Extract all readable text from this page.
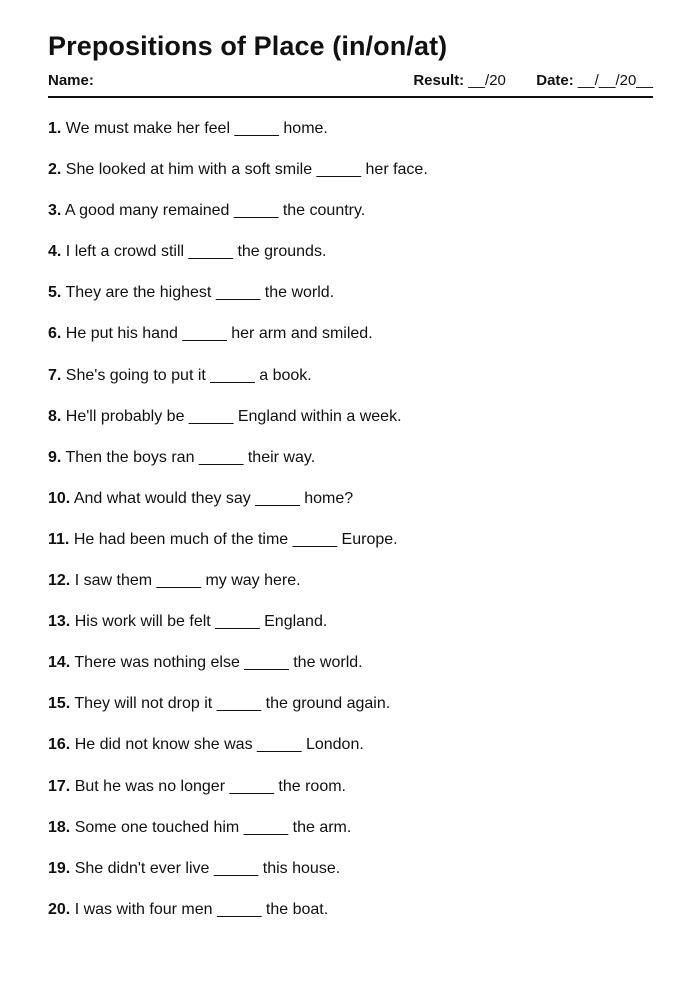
Prepositions of Place (in/on/at)
Name:	Result: __/20 Date: __/__/20__
1. We must make her feel _____ home.
2. She looked at him with a soft smile _____ her face.
3. A good many remained _____ the country.
4. I left a crowd still _____ the grounds.
5. They are the highest _____ the world.
6. He put his hand _____ her arm and smiled.
7. She's going to put it _____ a book.
8. He'll probably be _____ England within a week.
9. Then the boys ran _____ their way.
10. And what would they say _____ home?
11. He had been much of the time _____ Europe.
12. I saw them _____ my way here.
13. His work will be felt _____ England.
14. There was nothing else _____ the world.
15. They will not drop it _____ the ground again.
16. He did not know she was _____ London.
17. But he was no longer _____ the room.
18. Some one touched him _____ the arm.
19. She didn't ever live _____ this house.
20. I was with four men _____ the boat.
